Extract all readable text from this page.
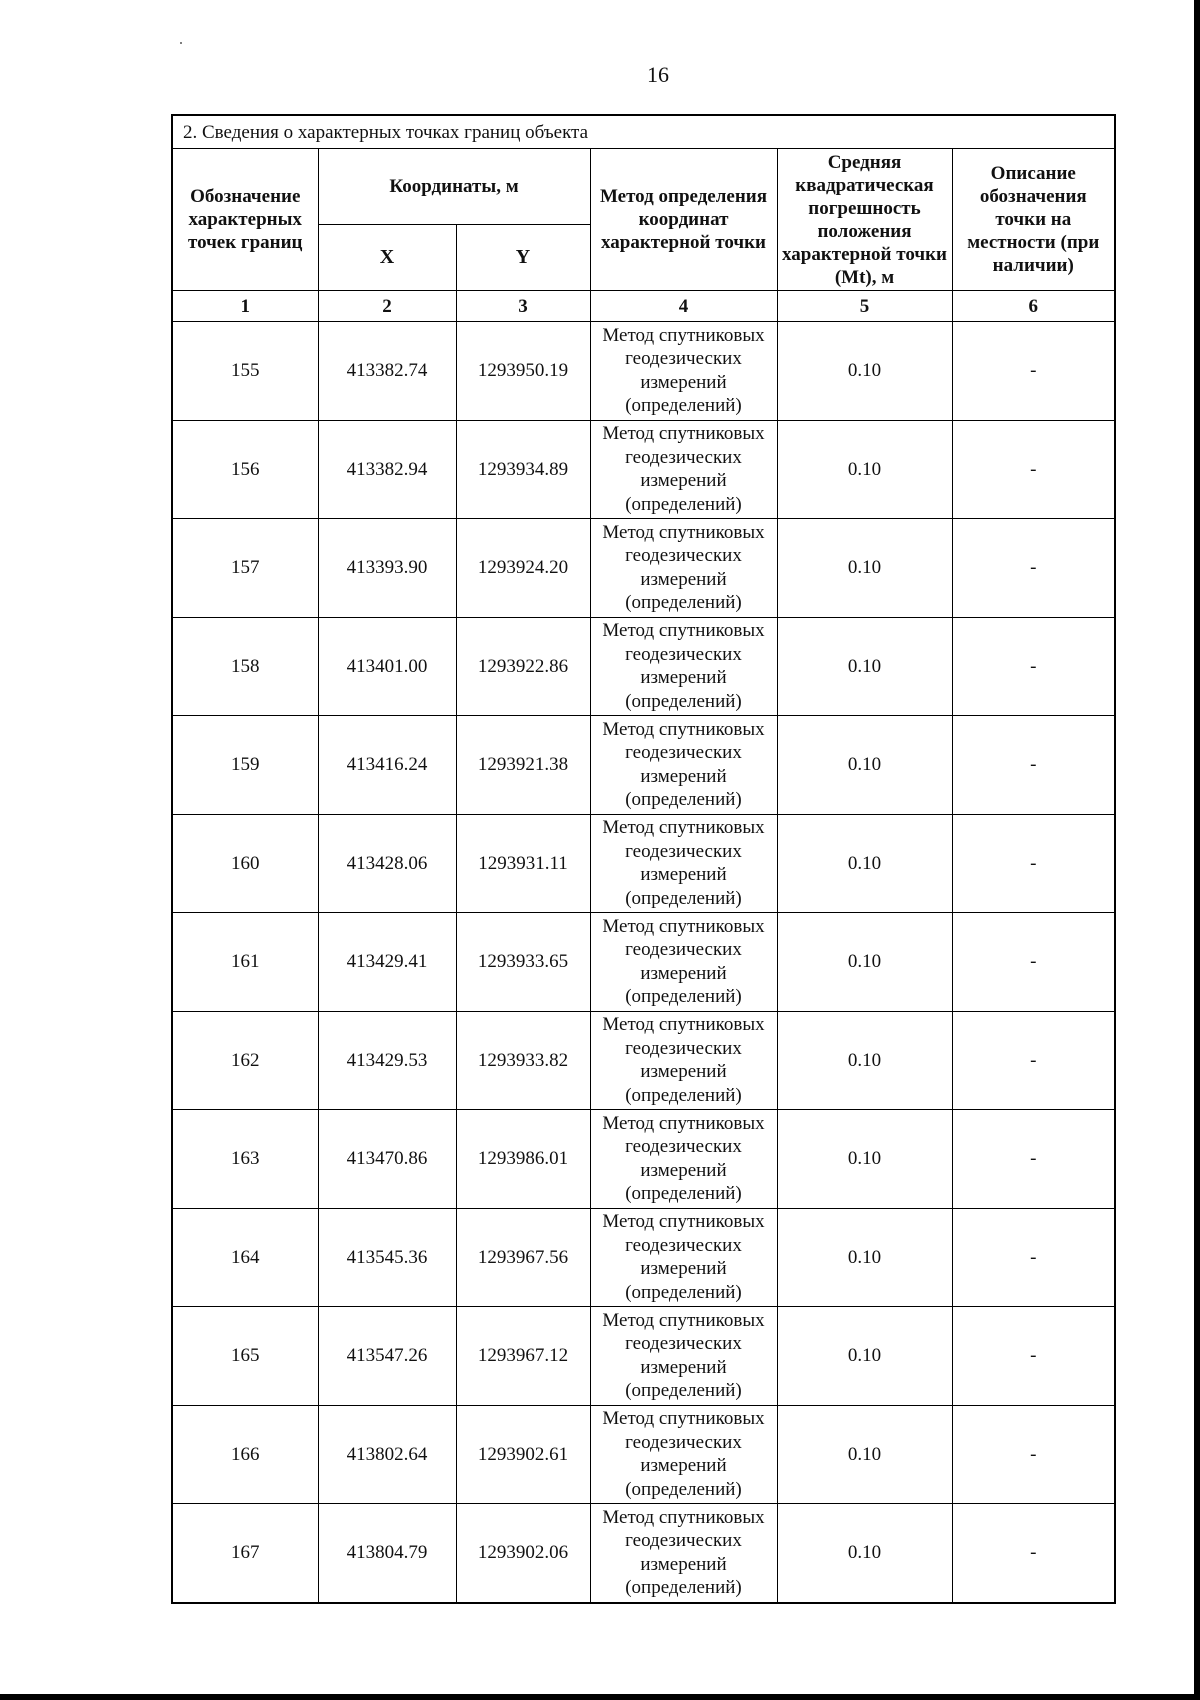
16
2. Сведения о характерных точках границ объекта					
Обозначение характерных точек границ	Координаты, м		Метод определения координат характерной точки	Средняя квадратическая погрешность положения характерной точки (Mt), м	Описание обозначения точки на местности (при наличии)
	X	Y			
1	2	3	4	5	6
155	413382.74	1293950.19	Метод спутниковых
геодезических
измерений
(определений)	0.10	-
156	413382.94	1293934.89	Метод спутниковых
геодезических
измерений
(определений)	0.10	-
157	413393.90	1293924.20	Метод спутниковых
геодезических
измерений
(определений)	0.10	-
158	413401.00	1293922.86	Метод спутниковых
геодезических
измерений
(определений)	0.10	-
159	413416.24	1293921.38	Метод спутниковых
геодезических
измерений
(определений)	0.10	-
160	413428.06	1293931.11	Метод спутниковых
геодезических
измерений
(определений)	0.10	-
161	413429.41	1293933.65	Метод спутниковых
геодезических
измерений
(определений)	0.10	-
162	413429.53	1293933.82	Метод спутниковых
геодезических
измерений
(определений)	0.10	-
163	413470.86	1293986.01	Метод спутниковых
геодезических
измерений
(определений)	0.10	-
164	413545.36	1293967.56	Метод спутниковых
геодезических
измерений
(определений)	0.10	-
165	413547.26	1293967.12	Метод спутниковых
геодезических
измерений
(определений)	0.10	-
166	413802.64	1293902.61	Метод спутниковых
геодезических
измерений
(определений)	0.10	-
167	413804.79	1293902.06	Метод спутниковых
геодезических
измерений
(определений)	0.10	-
